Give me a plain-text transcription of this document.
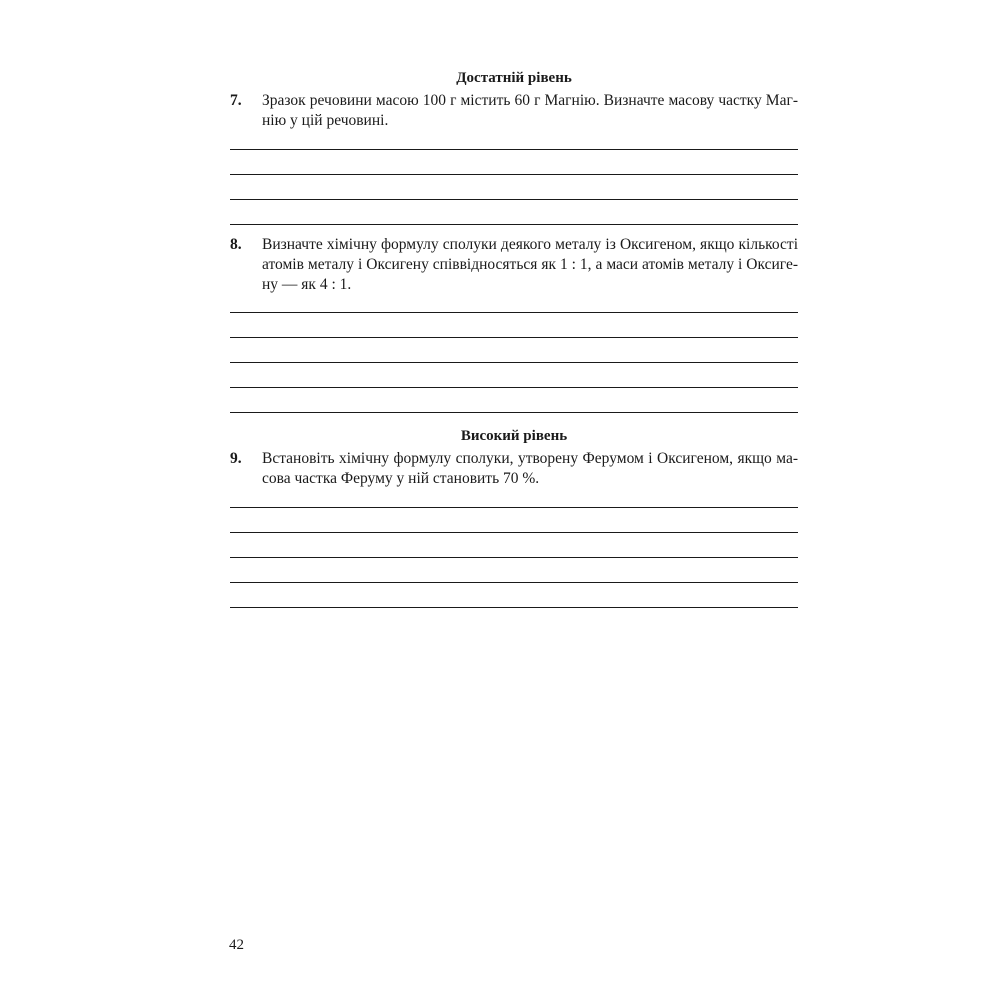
Достатній рівень
7. Зразок речовини масою 100 г містить 60 г Магнію. Визначте масову частку Магнію у цій речовині.
8. Визначте хімічну формулу сполуки деякого металу із Оксигеном, якщо кількості атомів металу і Оксигену співвідносяться як 1 : 1, а маси атомів металу і Оксигену — як 4 : 1.
Високий рівень
9. Встановіть хімічну формулу сполуки, утворену Ферумом і Оксигеном, якщо масова частка Феруму у ній становить 70 %.
42
